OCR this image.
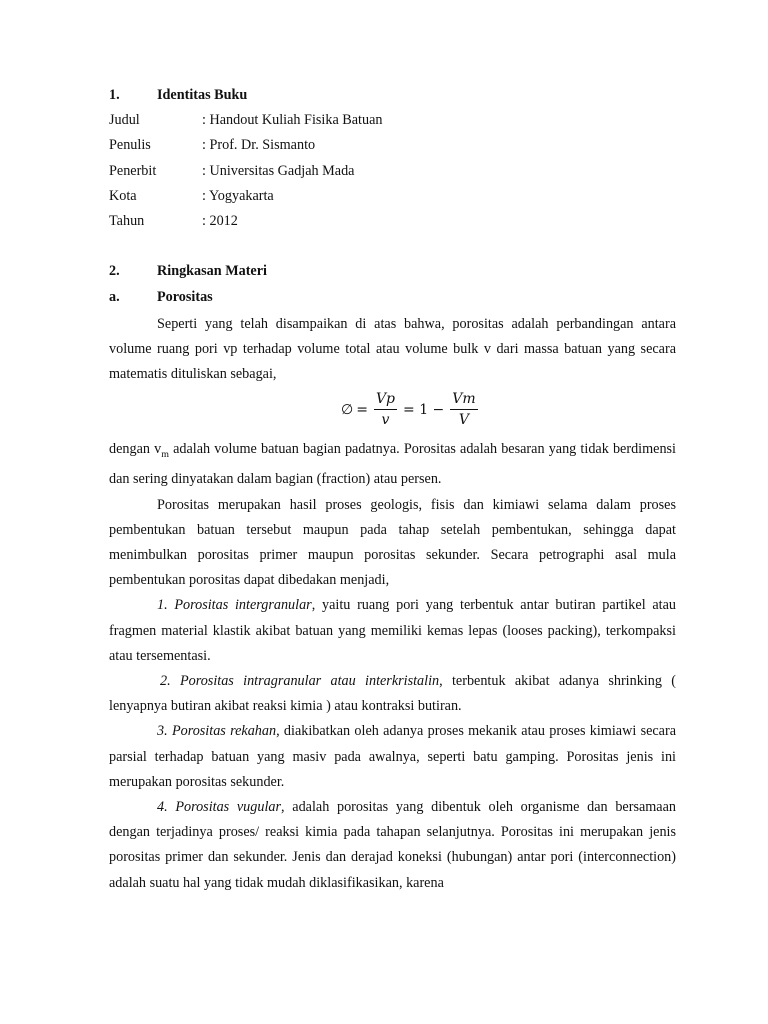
1.	Identitas Buku
Judul	: Handout Kuliah Fisika Batuan
Penulis	: Prof. Dr. Sismanto
Penerbit	: Universitas Gadjah Mada
Kota	: Yogyakarta
Tahun	: 2012
2.	Ringkasan Materi
a.	Porositas

Seperti yang telah disampaikan di atas bahwa, porositas adalah perbandingan antara volume ruang pori vp terhadap volume total atau volume bulk v dari massa batuan yang secara matematis dituliskan sebagai,

∅ = $\frac{Vp}{v} = 1 - \frac{Vm}{V}$

dengan $v_m$ adalah volume batuan bagian padatnya. Porositas adalah besaran yang tidak berdimensi dan sering dinyatakan dalam bagian (fraction) atau persen.

Porositas merupakan hasil proses geologis, fisis dan kimiawi selama dalam proses pembentukan batuan tersebut maupun pada tahap setelah pembentukan, sehingga dapat menimbulkan porositas primer maupun porositas sekunder. Secara petrographi asal mula pembentukan porositas dapat dibedakan menjadi,

1. Porositas intergranular, yaitu ruang pori yang terbentuk antar butiran partikel atau fragmen material klastik akibat batuan yang memiliki kemas lepas (looses packing), terkompaksi atau tersementasi.

2. Porositas intragranular atau interkristalin, terbentuk akibat adanya shrinking ( lenyapnya butiran akibat reaksi kimia ) atau kontraksi butiran.

3. Porositas rekahan, diakibatkan oleh adanya proses mekanik atau proses kimiawi secara parsial terhadap batuan yang masiv pada awalnya, seperti batu gamping. Porositas jenis ini merupakan porositas sekunder.

4. Porositas vugular, adalah porositas yang dibentuk oleh organisme dan bersamaan dengan terjadinya proses/ reaksi kimia pada tahapan selanjutnya. Porositas ini merupakan jenis porositas primer dan sekunder. Jenis dan derajad koneksi (hubungan) antar pori (interconnection) adalah suatu hal yang tidak mudah diklasifikasikan, karena
